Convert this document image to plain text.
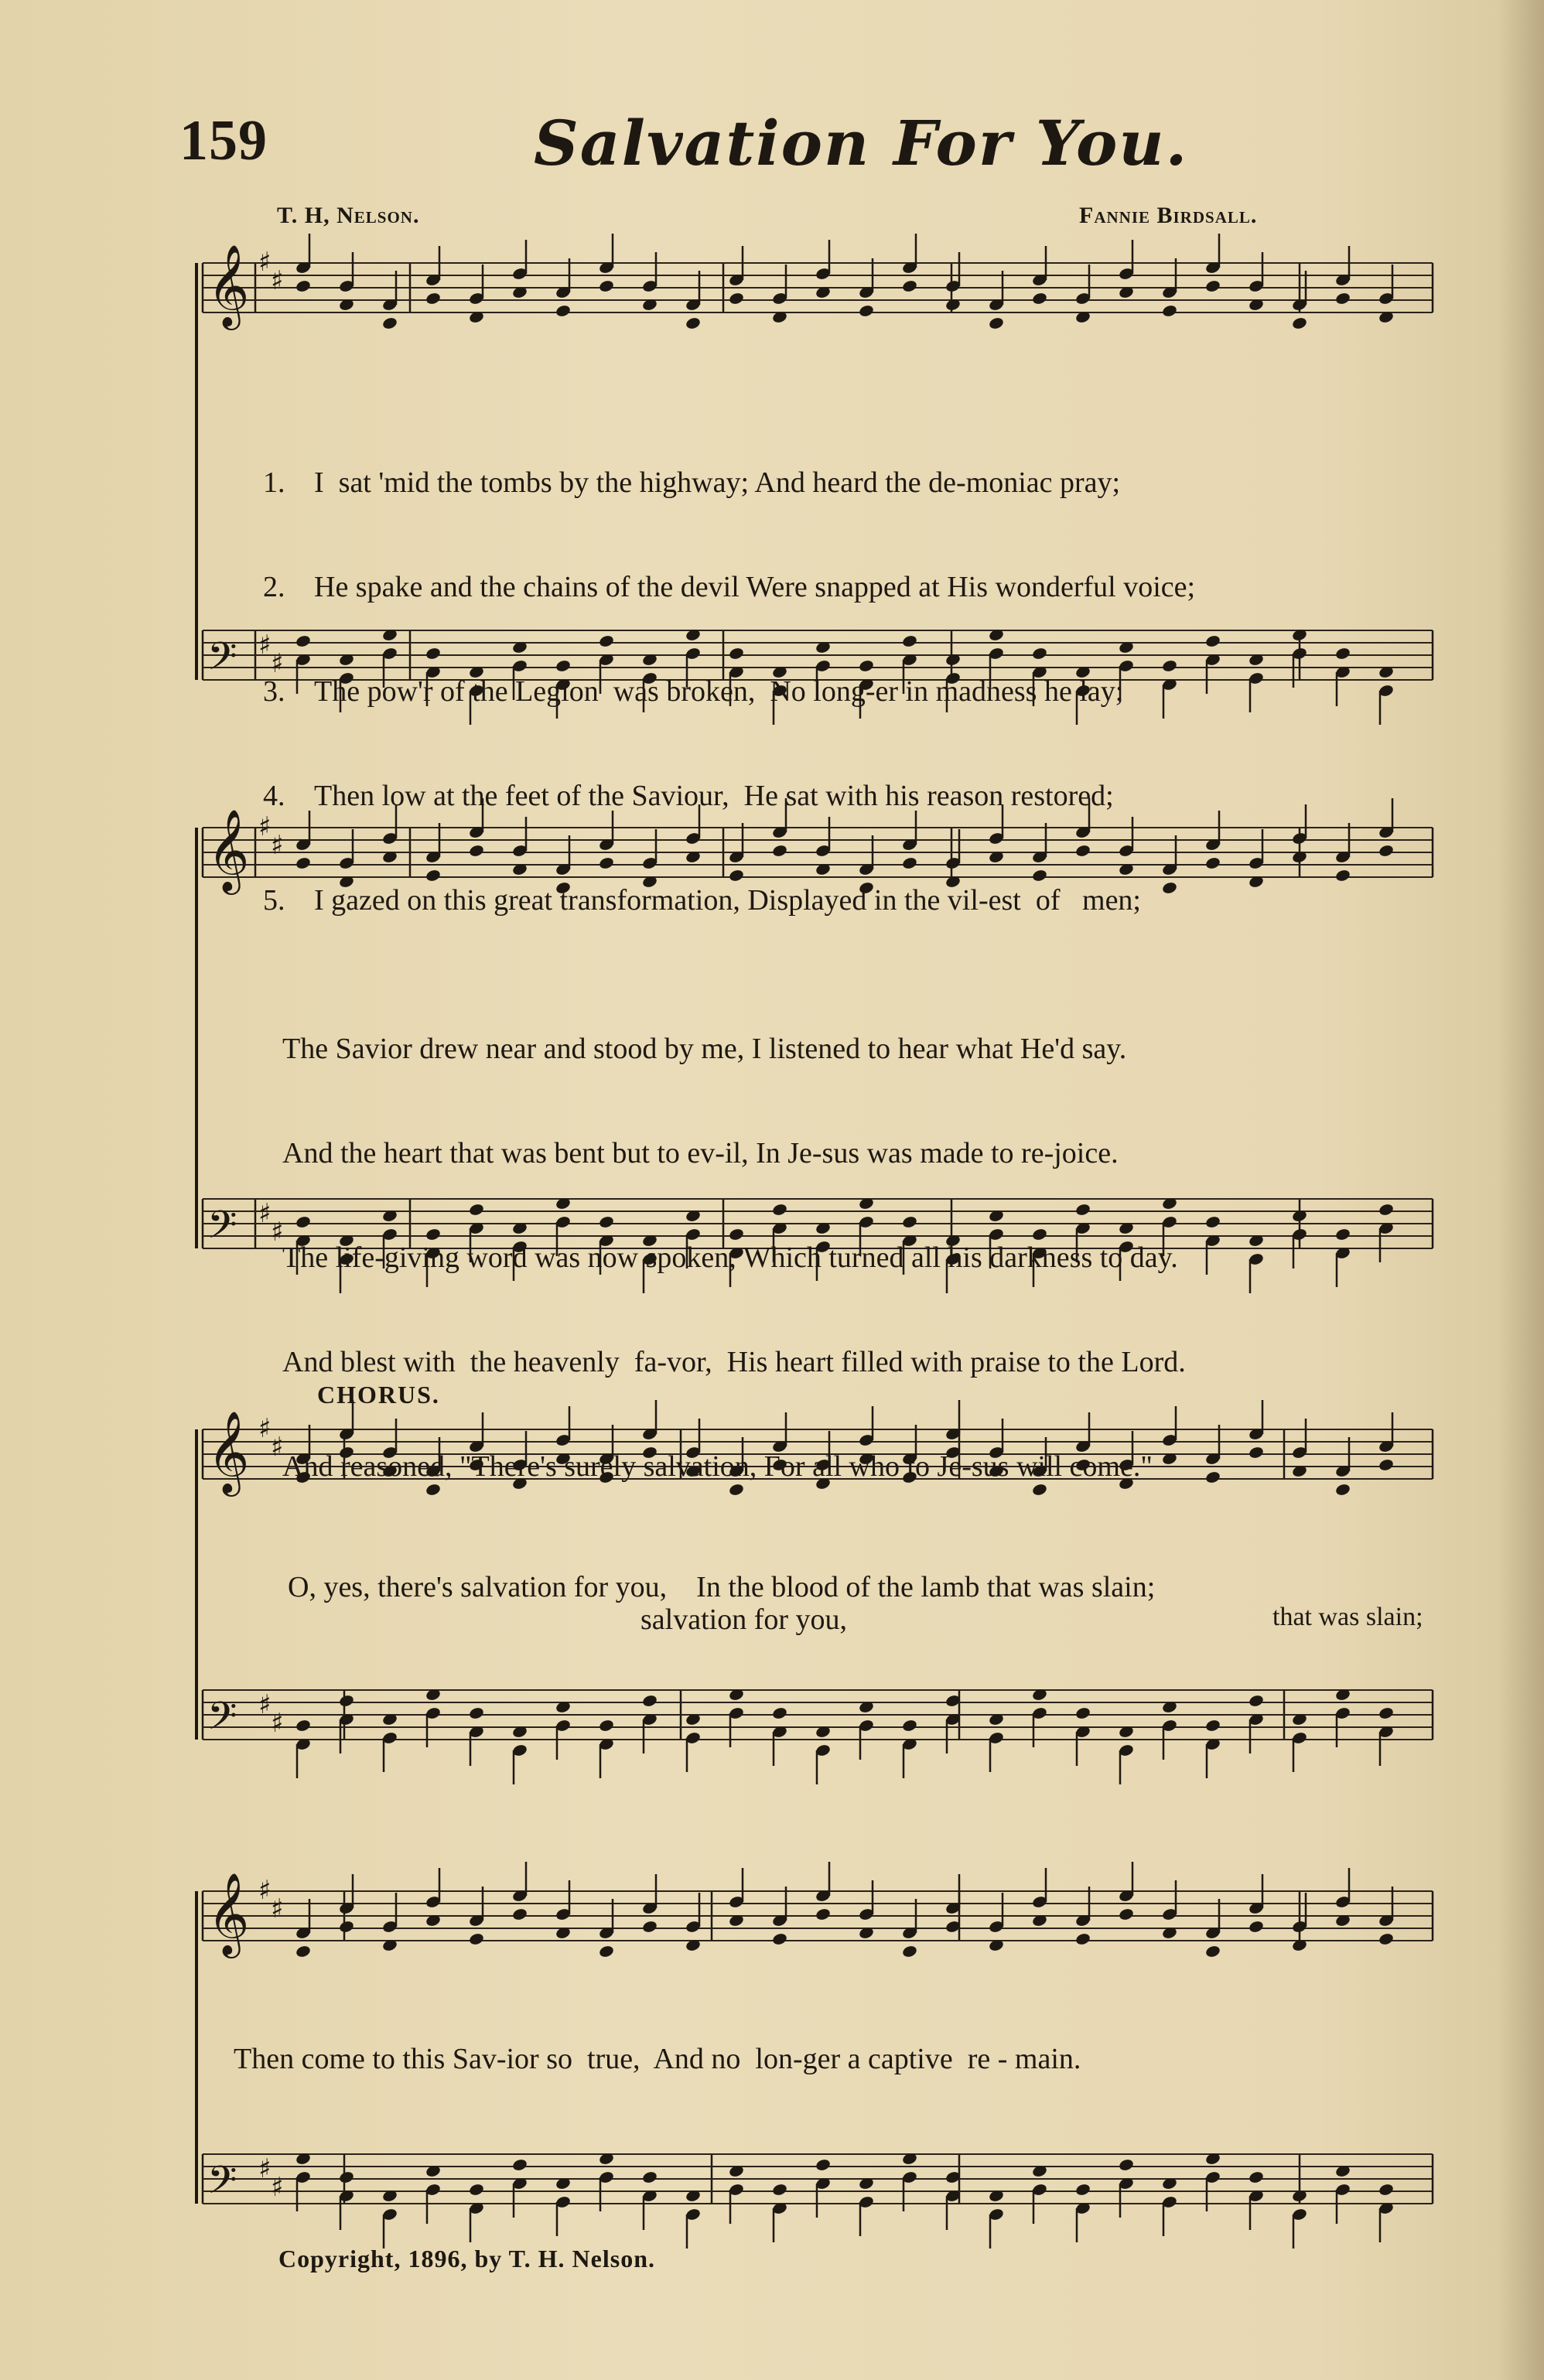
159	Salvation For You.
T. H, Nelson.	Fannie Birdsall.
𝄞 ♯
♯
𝄢 ♯
♯
𝄞 ♯
♯
𝄢 ♯
♯
𝄞 ♯
♯
𝄢 ♯
♯
𝄞 ♯
♯
𝄢 ♯
♯

1. I  sat 'mid the tombs by the highway; And heard the de-moniac pray;

2. He spake and the chains of the devil Were snapped at His wonderful voice;

3. The pow'r of the Legion  was broken,  No long-er in madness he lay;

4. Then low at the feet of the Saviour,  He sat with his reason restored;

5. I gazed on this great transformation, Displayed in the vil-est  of   men;

The Savior drew near and stood by me, I listened to hear what He'd say.

And the heart that was bent but to ev-il, In Je-sus was made to re-joice.

The life-giving word was now spoken, Which turned all his darkness to day.

And blest with  the heavenly  fa-vor,  His heart filled with praise to the Lord.

And reasoned, "There's surely salvation, For all who to Je-sus will come."

CHORUS.
O, yes, there's salvation for you,    In the blood of the lamb that was slain;
salvation for you,	that was slain;
Then come to this Sav-ior so  true,  And no  lon-ger a captive  re - main.
Copyright, 1896, by T. H. Nelson.
